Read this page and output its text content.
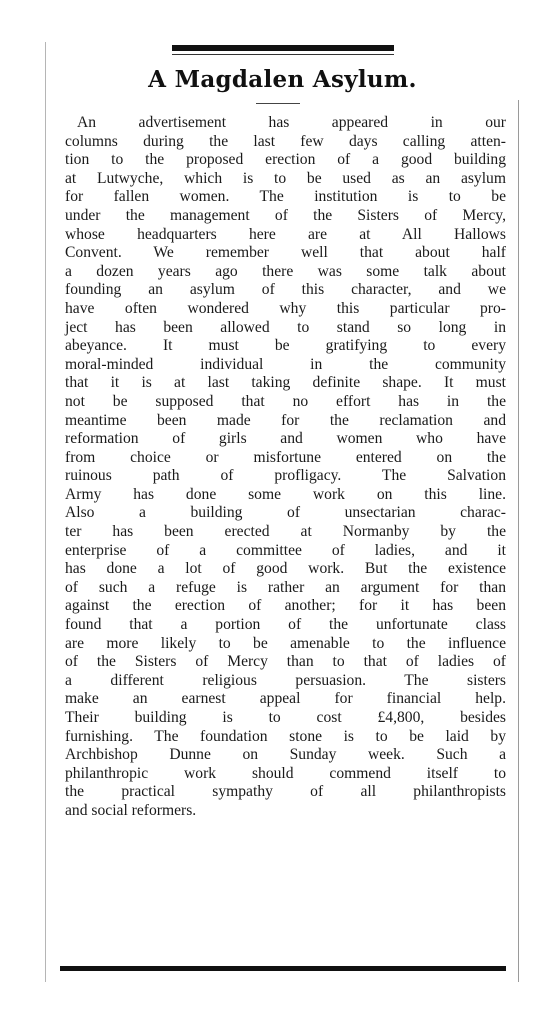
A Magdalen Asylum.
An advertisement has appeared in our
columns during the last few days calling atten-
tion to the proposed erection of a good building
at Lutwyche, which is to be used as an asylum
for fallen women. The institution is to be
under the management of the Sisters of Mercy,
whose headquarters here are at All Hallows
Convent. We remember well that about half
a dozen years ago there was some talk about
founding an asylum of this character, and we
have often wondered why this particular pro-
ject has been allowed to stand so long in
abeyance. It must be gratifying to every
moral-minded individual in the community
that it is at last taking definite shape. It must
not be supposed that no effort has in the
meantime been made for the reclamation and
reformation of girls and women who have
from choice or misfortune entered on the
ruinous path of profligacy. The Salvation
Army has done some work on this line.
Also a building of unsectarian charac-
ter has been erected at Normanby by the
enterprise of a committee of ladies, and it
has done a lot of good work. But the existence
of such a refuge is rather an argument for than
against the erection of another; for it has been
found that a portion of the unfortunate class
are more likely to be amenable to the influence
of the Sisters of Mercy than to that of ladies of
a different religious persuasion. The sisters
make an earnest appeal for financial help.
Their building is to cost £4,800, besides
furnishing. The foundation stone is to be laid by
Archbishop Dunne on Sunday week. Such a
philanthropic work should commend itself to
the practical sympathy of all philanthropists
and social reformers.
